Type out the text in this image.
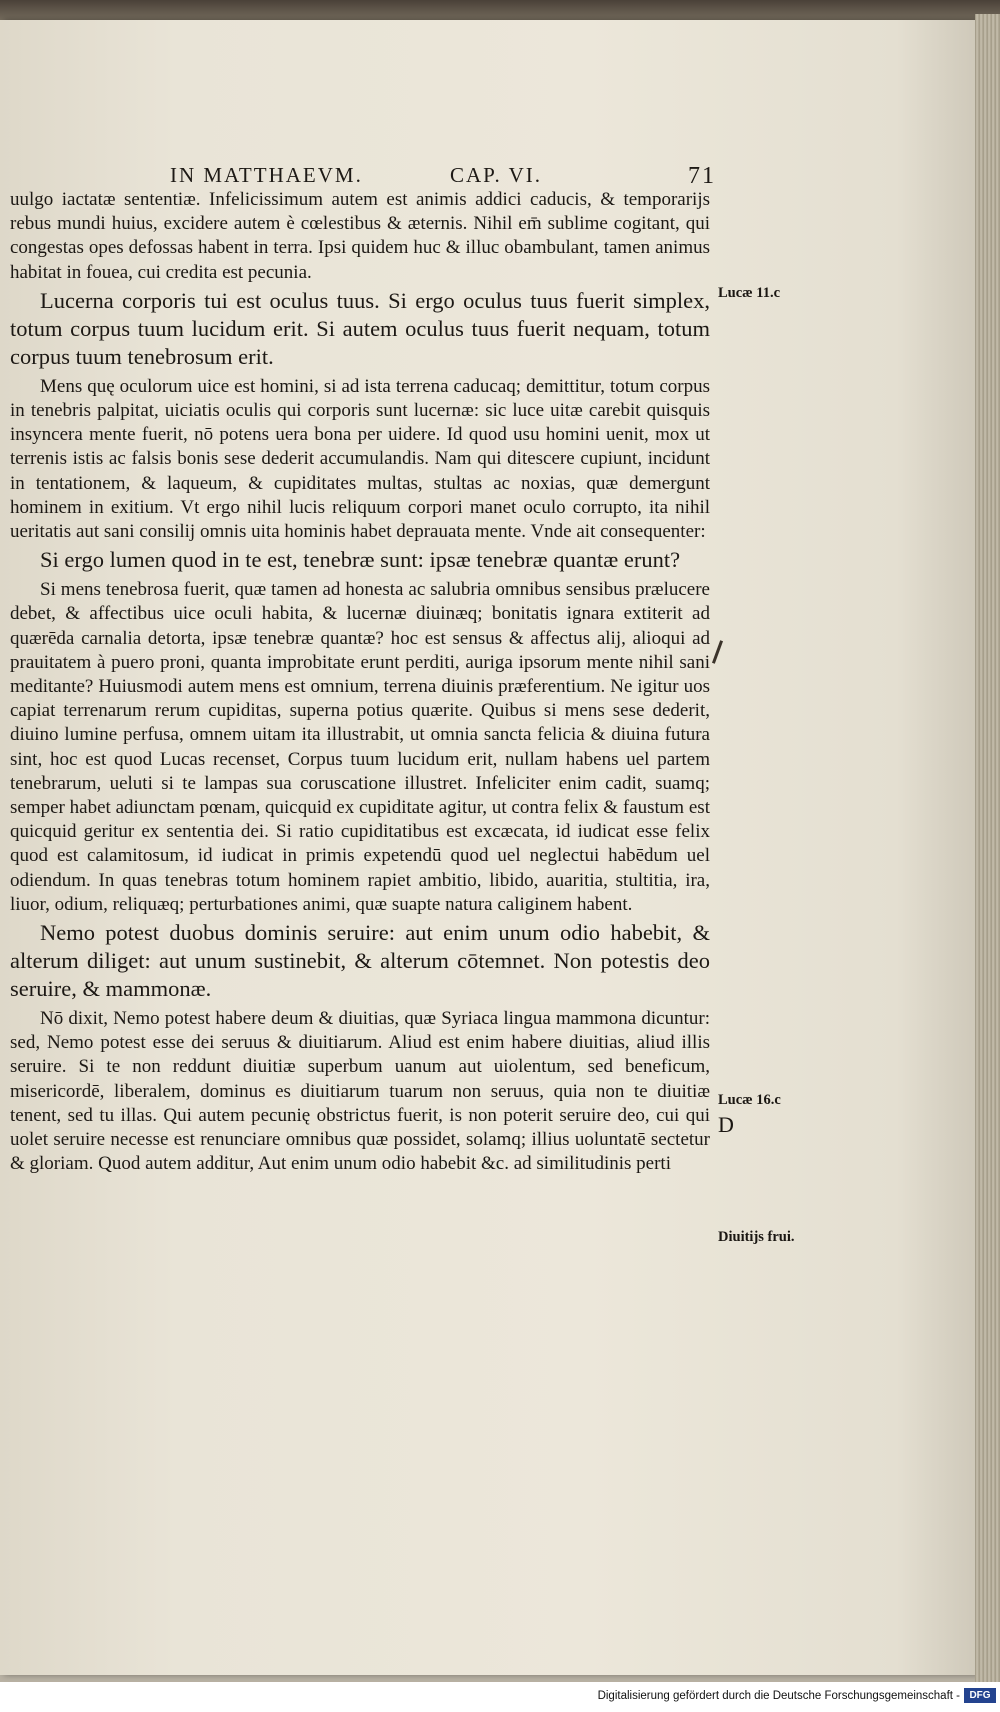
IN MATTHAEVM.	CAP. VI.	71

uulgo iactatæ sententiæ. Infelicissimum autem est animis addici caducis, & temporarijs rebus mundi huius, excidere autem è cœlestibus & æternis. Nihil em̄ sublime cogitant, qui congestas opes defossas habent in terra. Ipsi quidem huc & illuc obambulant, tamen animus habitat in fouea, cui credita est pecunia.

Lucerna corporis tui est oculus tuus. Si ergo oculus tuus fuerit simplex, totum corpus tuum lucidum erit. Si autem oculus tuus fuerit nequam, totum corpus tuum tenebrosum erit.

Mens quę oculorum uice est homini, si ad ista terrena caducaq; demittitur, totum corpus in tenebris palpitat, uiciatis oculis qui corporis sunt lucernæ: sic luce uitæ carebit quisquis insyncera mente fuerit, nō potens uera bona per uidere. Id quod usu homini uenit, mox ut terrenis istis ac falsis bonis sese dederit accumulandis. Nam qui ditescere cupiunt, incidunt in tentationem, & laqueum, & cupiditates multas, stultas ac noxias, quæ demergunt hominem in exitium. Vt ergo nihil lucis reliquum corpori manet oculo corrupto, ita nihil ueritatis aut sani consilij omnis uita hominis habet deprauata mente. Vnde ait consequenter:

Si ergo lumen quod in te est, tenebræ sunt: ipsæ tenebræ quantæ erunt?

Si mens tenebrosa fuerit, quæ tamen ad honesta ac salubria omnibus sensibus prælucere debet, & affectibus uice oculi habita, & lucernæ diuinæq; bonitatis ignara extiterit ad quærēda carnalia detorta, ipsæ tenebræ quantæ? hoc est sensus & affectus alij, alioqui ad prauitatem à puero proni, quanta improbitate erunt perditi, auriga ipsorum mente nihil sani meditante? Huiusmodi autem mens est omnium, terrena diuinis præferentium. Ne igitur uos capiat terrenarum rerum cupiditas, superna potius quærite. Quibus si mens sese dederit, diuino lumine perfusa, omnem uitam ita illustrabit, ut omnia sancta felicia & diuina futura sint, hoc est quod Lucas recenset, Corpus tuum lucidum erit, nullam habens uel partem tenebrarum, ueluti si te lampas sua coruscatione illustret. Infeliciter enim cadit, suamq; semper habet adiunctam pœnam, quicquid ex cupiditate agitur, ut contra felix & faustum est quicquid geritur ex sententia dei. Si ratio cupiditatibus est excæcata, id iudicat esse felix quod est calamitosum, id iudicat in primis expetendū quod uel neglectui habēdum uel odiendum. In quas tenebras totum hominem rapiet ambitio, libido, auaritia, stultitia, ira, liuor, odium, reliquæq; perturbationes animi, quæ suapte natura caliginem habent.

Nemo potest duobus dominis seruire: aut enim unum odio habebit, & alterum diliget: aut unum sustinebit, & alterum cōtemnet. Non potestis deo seruire, & mammonæ.

Nō dixit, Nemo potest habere deum & diuitias, quæ Syriaca lingua mammona dicuntur: sed, Nemo potest esse dei seruus & diuitiarum. Aliud est enim habere diuitias, aliud illis seruire. Si te non reddunt diuitiæ superbum uanum aut uiolentum, sed beneficum, misericordē, liberalem, dominus es diuitiarum tuarum non seruus, quia non te diuitiæ tenent, sed tu illas. Qui autem pecunię obstrictus fuerit, is non poterit seruire deo, cui qui uolet seruire necesse est renunciare omnibus quæ possidet, solamq; illius uoluntatē sectetur & gloriam. Quod autem additur, Aut enim unum odio habebit &c. ad similitudinis perti

Lucæ 11.c
Lucæ 16.c
D
Diuitijs frui.
Digitalisierung gefördert durch die Deutsche Forschungsgemeinschaft - DFG
